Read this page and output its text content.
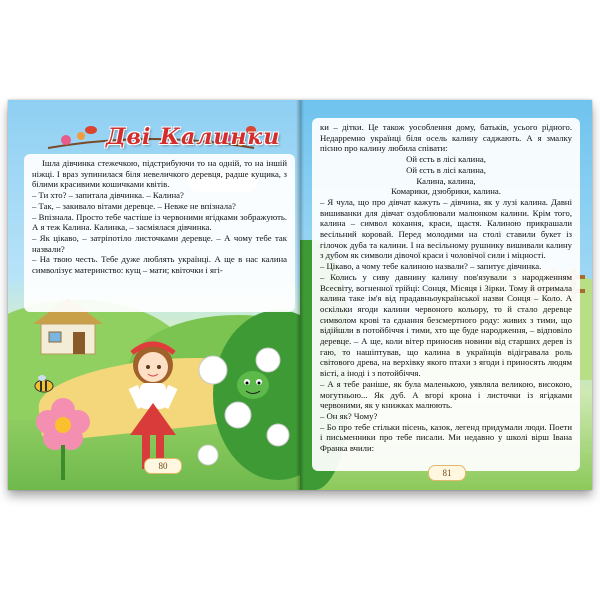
Дві Калинки

Ішла дівчинка стежечкою, підстрибуючи то на одній, то на іншій ніжці. І враз зупинилася біля невеличкого деревця, радше кущика, з білими красивими кошичками квітів.

– Ти хто? – запитала дівчинка. – Калина?

– Так, – закивало вітами деревце. – Невже не впізнала?

– Впізнала. Просто тебе частіше із червоними ягідками зображують. А я теж Калина. Калинка, – засміялася дівчинка.

– Як цікаво, – затріпотіло листочками деревце. – А чому тебе так назвали?

– На твою честь. Тебе дуже люблять українці. А ще в нас калина символізує материнство: кущ – мати; квіточки і ягі-

80

ки – дітки. Це також уособлення дому, батьків, усього рідного. Недарремно українці біля осель калину саджають. А я змалку пісню про калину любила співати:

Ой єсть в лісі калина,

Ой єсть в лісі калина,

Калина, калина,

Комарики, дзюбрики, калина.

– Я чула, що про дівчат кажуть – дівчина, як у лузі калина. Давні вишиванки для дівчат оздоблювали малюнком калини. Крім того, калина – символ кохання, краси, щастя. Калиною прикрашали весільний коровай. Перед молодими на столі ставили букет із гілочок дуба та калини. І на весільному рушнику вишивали калину з дубом як символи дівочої краси і чоловічої сили і міцності.

– Цікаво, а чому тебе калиною назвали? – запитує дівчинка.

– Колись у сиву давнину калину пов'язували з народженням Всесвіту, вогненної трійці: Сонця, Місяця і Зірки. Тому й отримала калина таке ім'я від прадавньоукраїнської назви Сонця – Коло. А оскільки ягоди калини червоного кольору, то й стало деревце символом крові та єднання безсмертного роду: живих з тими, що відійшли в потойбіччя і тими, хто ще буде народження, – відповіло деревце. – А ще, коли вітер приносив новини від старших дерев із гаю, то нашіптував, що калина в українців відігравала роль світового древа, на верхівку якого птахи з ягоди і приносять людям вісті, а іноді і з потойбіччя.

– А я тебе раніше, як була маленькою, уявляла великою, високою, могутньою... Як дуб. А вгорі крона і листочки із ягідками червоними, як у книжках малюють.

– Он як? Чому?

– Бо про тебе стільки пісень, казок, легенд придумали люди. Поети і письменники про тебе писали. Ми недавно у школі вірш Івана Франка вчили:

81
